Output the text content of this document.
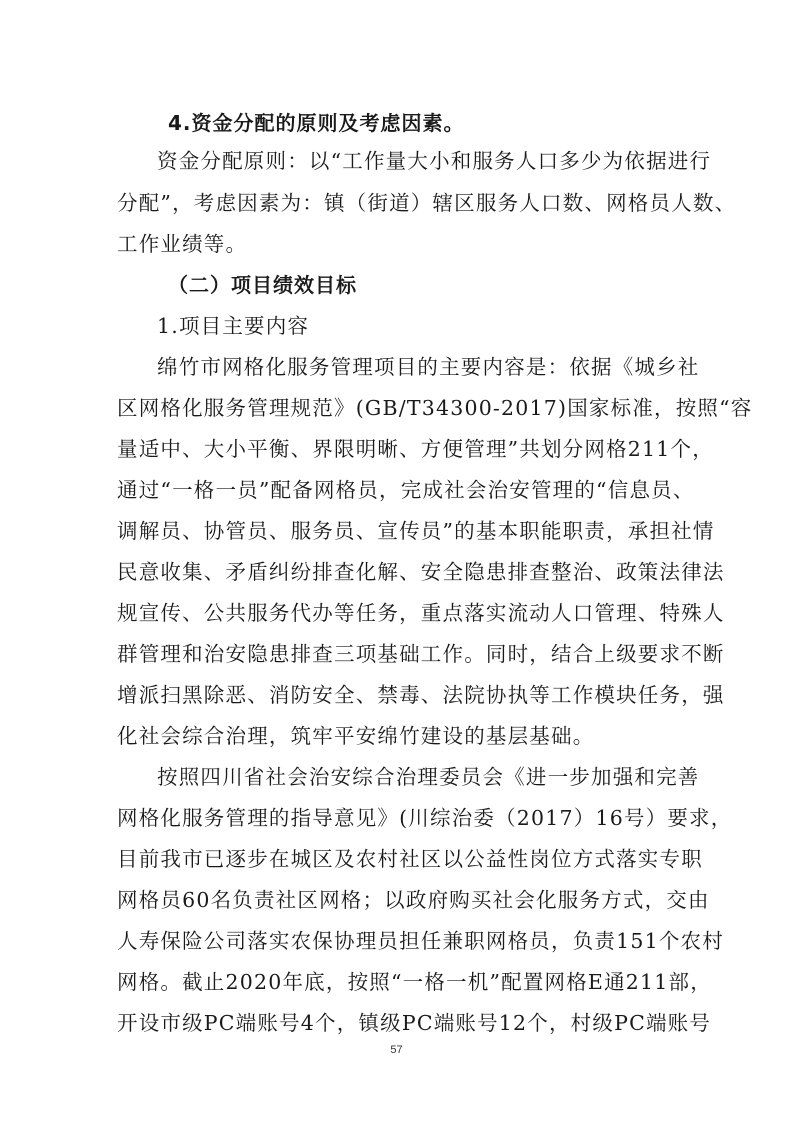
4.资金分配的原则及考虑因素。
资金分配原则：以“工作量大小和服务人口多少为依据进行
分配”，考虑因素为：镇（街道）辖区服务人口数、网格员人数、
工作业绩等。
（二）项目绩效目标
1.项目主要内容
绵竹市网格化服务管理项目的主要内容是：依据《城乡社
区网格化服务管理规范》(GB/T34300-2017)国家标准，按照“容
量适中、大小平衡、界限明晰、方便管理”共划分网格211个，
通过“一格一员”配备网格员，完成社会治安管理的“信息员、
调解员、协管员、服务员、宣传员”的基本职能职责，承担社情
民意收集、矛盾纠纷排查化解、安全隐患排查整治、政策法律法
规宣传、公共服务代办等任务，重点落实流动人口管理、特殊人
群管理和治安隐患排查三项基础工作。同时，结合上级要求不断
增派扫黑除恶、消防安全、禁毒、法院协执等工作模块任务，强
化社会综合治理，筑牢平安绵竹建设的基层基础。
按照四川省社会治安综合治理委员会《进一步加强和完善
网格化服务管理的指导意见》(川综治委（2017）16号）要求，
目前我市已逐步在城区及农村社区以公益性岗位方式落实专职
网格员60名负责社区网格；以政府购买社会化服务方式，交由
人寿保险公司落实农保协理员担任兼职网格员，负责151个农村
网格。截止2020年底，按照“一格一机”配置网格E通211部，
开设市级PC端账号4个，镇级PC端账号12个，村级PC端账号
57
